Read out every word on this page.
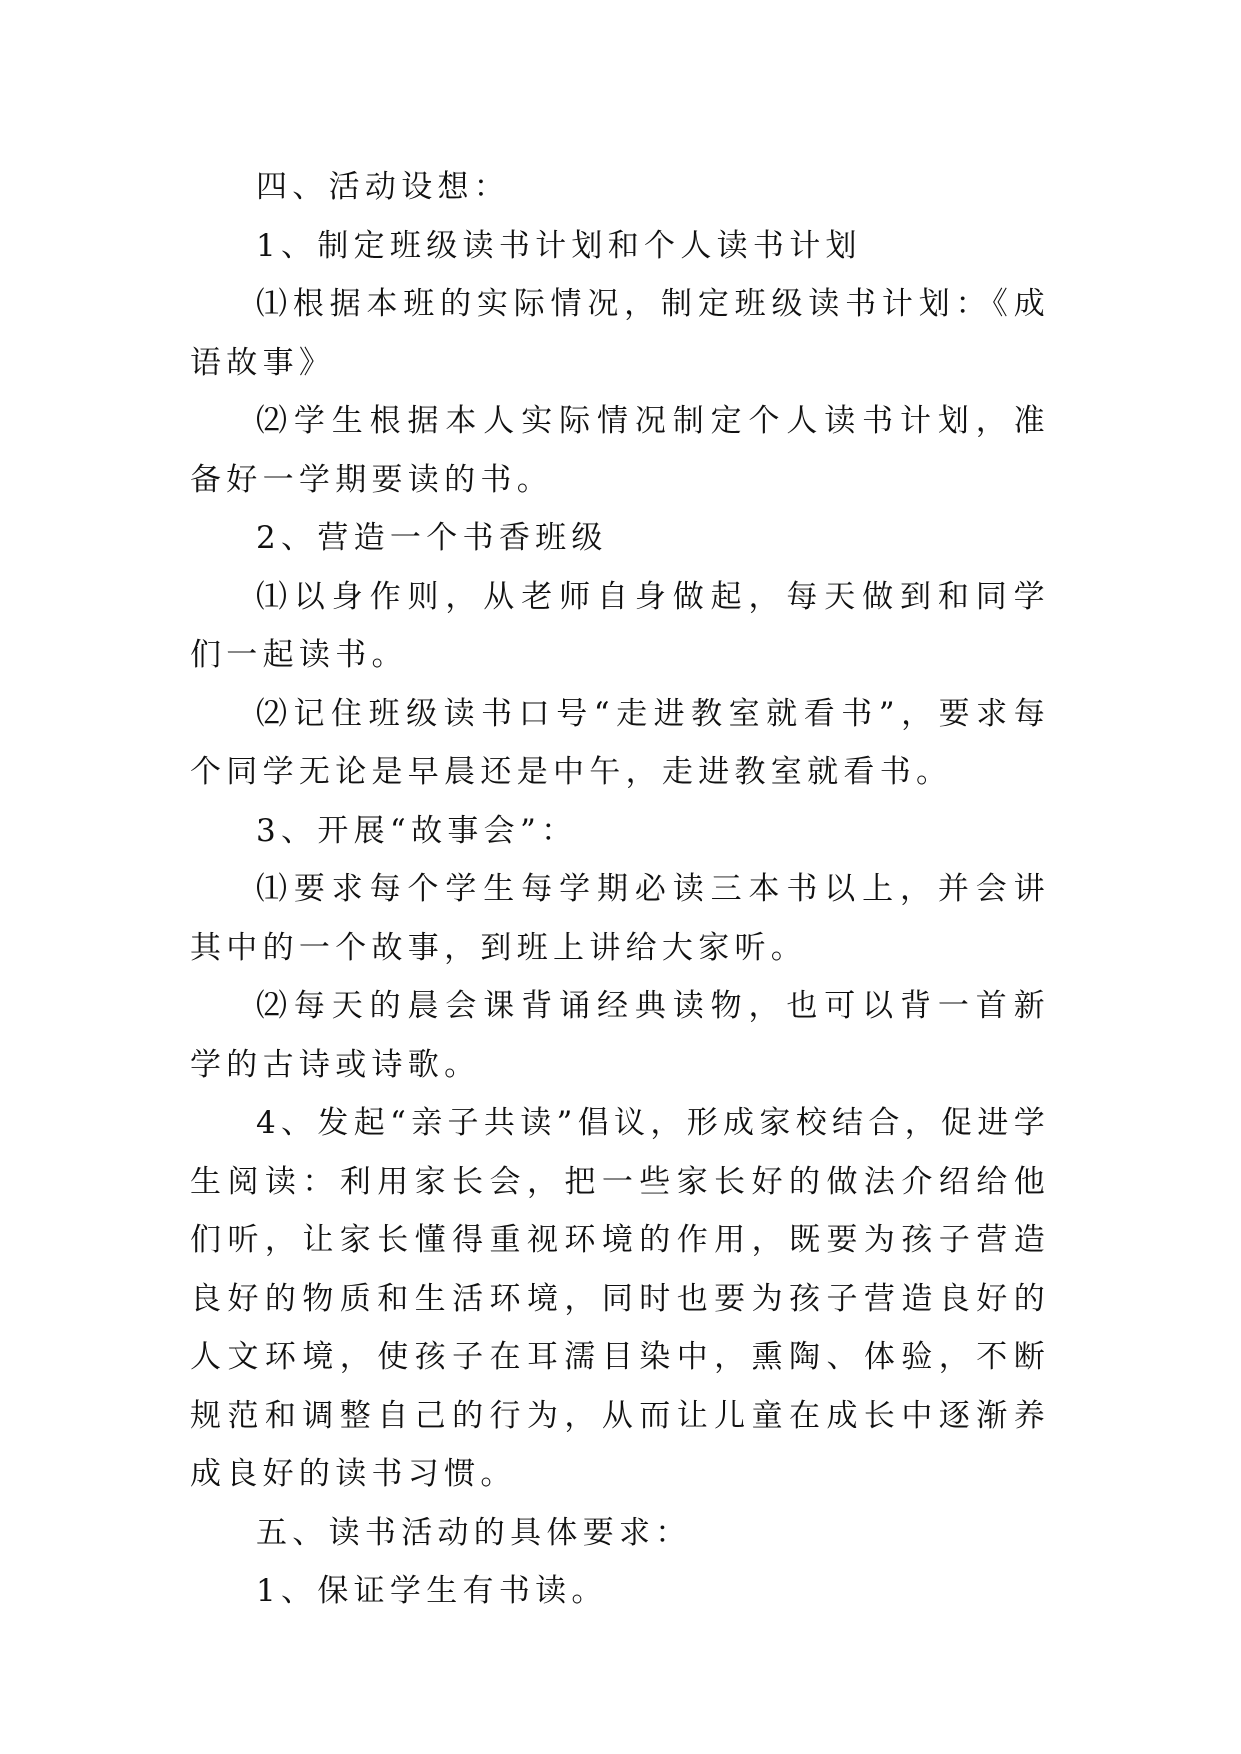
四、活动设想：

1、制定班级读书计划和个人读书计划

⑴根据本班的实际情况，制定班级读书计划：《成语故事》

⑵学生根据本人实际情况制定个人读书计划，准备好一学期要读的书。

2、营造一个书香班级

⑴以身作则，从老师自身做起，每天做到和同学们一起读书。

⑵记住班级读书口号“走进教室就看书”，要求每个同学无论是早晨还是中午，走进教室就看书。

3、开展“故事会”：

⑴要求每个学生每学期必读三本书以上，并会讲其中的一个故事，到班上讲给大家听。

⑵每天的晨会课背诵经典读物，也可以背一首新学的古诗或诗歌。

4、发起“亲子共读”倡议，形成家校结合，促进学生阅读：利用家长会，把一些家长好的做法介绍给他们听，让家长懂得重视环境的作用，既要为孩子营造良好的物质和生活环境，同时也要为孩子营造良好的人文环境，使孩子在耳濡目染中，熏陶、体验，不断规范和调整自己的行为，从而让儿童在成长中逐渐养成良好的读书习惯。

五、读书活动的具体要求：

1、保证学生有书读。
